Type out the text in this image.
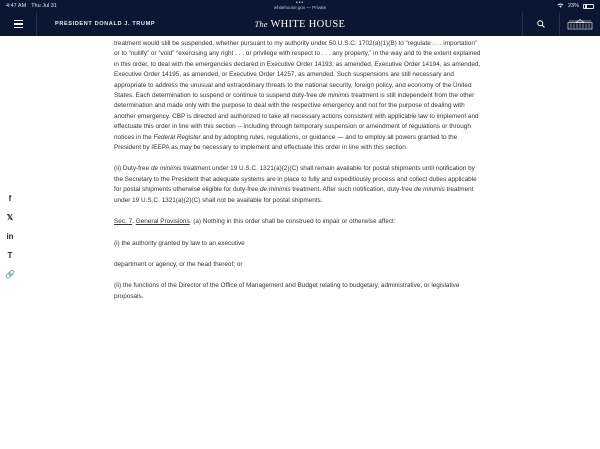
4:47 AM Thu Jul 31	•••
whitehouse.gov — Private	23%
PRESIDENT DONALD J. TRUMP	The WHITE HOUSE
f
𝕏
in
T
🔗

treatment would still be suspended, whether pursuant to my authority under 50 U.S.C. 1702(a)(1)(B) to “regulate . . . importation” or to “nullify” or “void” “exercising any right . . . or privilege with respect to . . . any property,” in the way and to the extent explained in this order, to deal with the emergencies declared in Executive Order 14193, as amended, Executive Order 14194, as amended, Executive Order 14195, as amended, or Executive Order 14257, as amended. Such suspensions are still necessary and appropriate to address the unusual and extraordinary threats to the national security, foreign policy, and economy of the United States. Each determination to suspend or continue to suspend duty-free de minimis treatment is still independent from the other determination and made only with the purpose to deal with the respective emergency and not for the purpose of dealing with another emergency. CBP is directed and authorized to take all necessary actions consistent with applicable law to implement and effectuate this order in line with this section -- including through temporary suspension or amendment of regulations or through notices in the Federal Register and by adopting rules, regulations, or guidance — and to employ all powers granted to the President by IEEPA as may be necessary to implement and effectuate this order in line with this section.

(ii) Duty-free de minimis treatment under 19 U.S.C. 1321(a)(2)(C) shall remain available for postal shipments until notification by the Secretary to the President that adequate systems are in place to fully and expeditiously process and collect duties applicable for postal shipments otherwise eligible for duty-free de minimis treatment. After such notification, duty-free de minimis treatment under 19 U.S.C. 1321(a)(2)(C) shall not be available for postal shipments.

Sec. 7. General Provisions. (a) Nothing in this order shall be construed to impair or otherwise affect:

(i) the authority granted by law to an executive

department or agency, or the head thereof; or

(ii) the functions of the Director of the Office of Management and Budget relating to budgetary, administrative, or legislative proposals.
